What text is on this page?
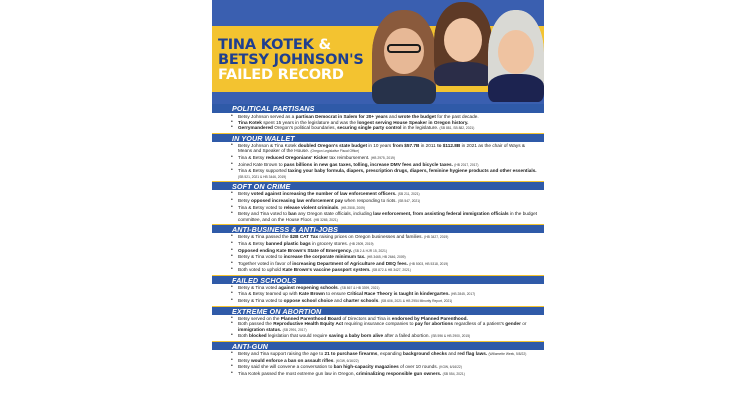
TINA KOTEK &
BETSY JOHNSON'S
FAILED RECORD
POLITICAL PARTISANS
• Betsy Johnson served as a partisan Democrat in Salem for 20+ years and wrote the budget for the past decade.
• Tina Kotek spent 15 years in the legislature and was the longest serving House Speaker in Oregon history.
• Gerrymandered Oregon's political boundaries, securing single party control in the legislature. (SB 881, SB 882, 2021)
IN YOUR WALLET
• Betsy Johnson & Tina Kotek doubled Oregon's state budget in 10 years from $57.7B in 2011 to $112.8B in 2021 as the chair of Ways & Means and Speaker of the House. (Oregon Legislative Fiscal Office)
• Tina & Betsy reduced Oregonians' Kicker tax reimbursement. (HB 2975, 2019)
• Joined Kate Brown to pass billions in new gas taxes, tolling, increase DMV fees and bicycle taxes. (HB 2017, 2017)
• Tina & Betsy supported taxing your baby formula, diapers, prescription drugs, diapers, feminine hygiene products and other essentials. (SB 521, 2021 & HB 3446, 2019)
SOFT ON CRIME
• Betsy voted against increasing the number of law enforcement officers. (SB 211, 2021)
• Betsy opposed increasing law enforcement pay when responding to riots. (SB 547, 2021)
• Tina & Betsy voted to release violent criminals. (HB 2508, 2009)
• Betsy and Tina voted to ban any Oregon state officials, including law enforcement, from assisting federal immigration officials in the budget committee, and on the House Floor. (HB 3265, 2021)
ANTI-BUSINESS & ANTI-JOBS
• Betsy & Tina passed the $2B CAT Tax raising prices on Oregon businesses and families. (HB 3427, 2019)
• Tina & Betsy banned plastic bags in grocery stores. (HB 2509, 2019)
• Opposed ending Kate Brown's State of Emergency. (SB 2 & HJR 15, 2021)
• Betsy & Tina voted to increase the corporate minimum tax. (HB 3465, HB 2646, 2009)
• Together voted in favor of increasing Department of Agriculture and DEQ fees. (HB 5003, HB 5318, 2019)
• Both voted to uphold Kate Brown's vaccine passport system. (SB 872 & HB 3427, 2021)
FAILED SCHOOLS
• Betsy & Tina voted against reopening schools. (SB 867 & HB 3399, 2021)
• Tina & Betsy teamed up with Kate Brown to ensure Critical Race Theory is taught in kindergarten. (HB 2845, 2017)
• Betsy & Tina voted to oppose school choice and charter schools. (SB 606, 2021 & HB 2954 Minority Report, 2021)
EXTREME ON ABORTION
• Betsy served on the Planned Parenthood Board of Directors and Tina is endorsed by Planned Parenthood.
• Both passed the Reproductive Health Equity Act requiring insurance companies to pay for abortions regardless of a patient's gender or immigration status. (SB 2991, 2017)
• Both blocked legislation that would require saving a baby born alive after a failed abortion. (SB 596 & HB 2900, 2015)
ANTI-GUN
• Betsy and Tina support raising the age to 21 to purchase firearms, expanding background checks and red flag laws. (Willamette Week, 5/8/22)
• Betsy would enforce a ban on assault rifles. (KGW, 6/16/22)
• Betsy said she will convene a conversation to ban high-capacity magazines of over 10 rounds. (KGW, 6/16/22)
• Tina Kotek passed the most extreme gun law in Oregon, criminalizing responsible gun owners. (SB 554, 2021)
